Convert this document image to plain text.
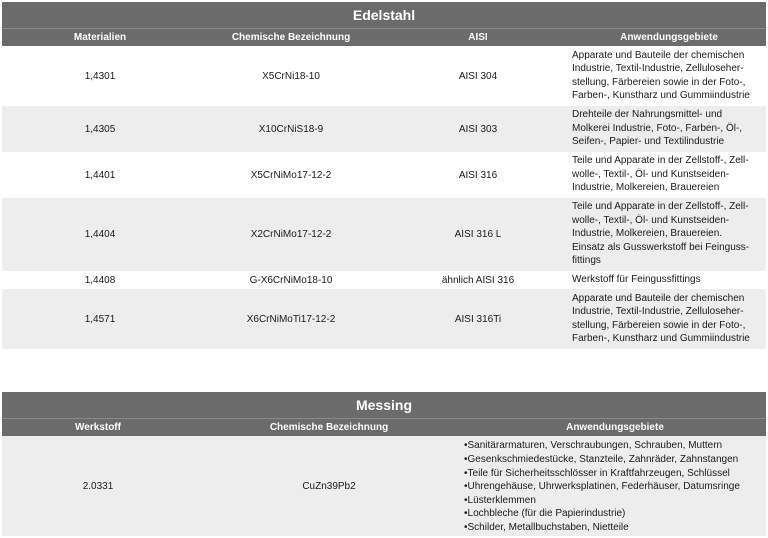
Edelstahl
Materialien	Chemische Bezeichnung	AISI	Anwendungsgebiete
1,4301	X5CrNi18-10	AISI 304
Apparate und Bauteile der chemischen
Industrie, Textil-Industrie, Zelluloseher-
stellung, Färbereien sowie in der Foto-,
Farben-, Kunstharz und Gummiindustrie
1,4305	X10CrNiS18-9	AISI 303
Drehteile der Nahrungsmittel- und
Molkerei Industrie, Foto-, Farben-, Öl-,
Seifen-, Papier- und Textilindustrie
1,4401	X5CrNiMo17-12-2	AISI 316
Teile und Apparate in der Zellstoff-, Zell-
wolle-, Textil-, Öl- und Kunstseiden-
Industrie, Molkereien, Brauereien
1,4404	X2CrNiMo17-12-2	AISI 316 L
Teile und Apparate in der Zellstoff-, Zell-
wolle-, Textil-, Öl- und Kunstseiden-
Industrie, Molkereien, Brauereien.
Einsatz als Gusswerkstoff bei Feinguss-
fittings
1,4408	G-X6CrNiMo18-10	ähnlich AISI 316	Werkstoff für Feingussfittings
1,4571	X6CrNiMoTi17-12-2	AISI 316Ti
Apparate und Bauteile der chemischen
Industrie, Textil-Industrie, Zelluloseher-
stellung, Färbereien sowie in der Foto-,
Farben-, Kunstharz und Gummiindustrie
Messing
Werkstoff	Chemische Bezeichnung	Anwendungsgebiete
2.0331	CuZn39Pb2
• Sanitärarmaturen, Verschraubungen, Schrauben, Muttern
• Gesenkschmiedestücke, Stanzteile, Zahnräder, Zahnstangen
• Teile für Sicherheitsschlösser in Kraftfahrzeugen, Schlüssel
• Uhrengehäuse, Uhrwerksplatinen, Federhäuser, Datumsringe
• Lüsterklemmen
• Lochbleche (für die Papierindustrie)
• Schilder, Metallbuchstaben, Nietteile
